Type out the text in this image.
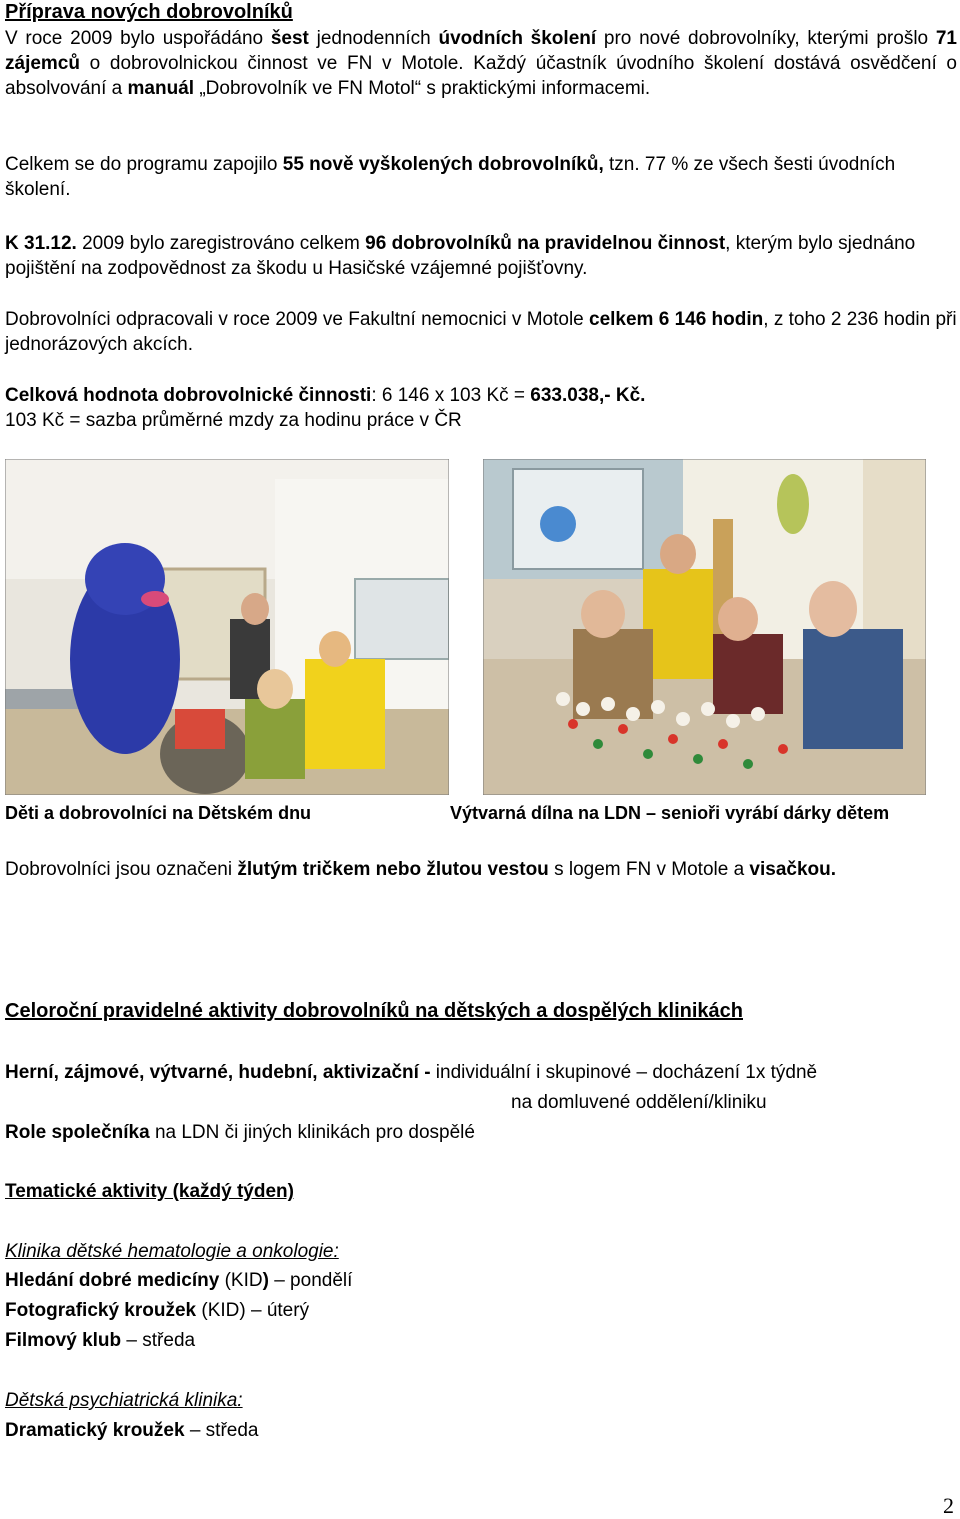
Příprava nových dobrovolníků

V roce 2009 bylo uspořádáno šest jednodenních úvodních školení pro nové dobrovolníky, kterými prošlo 71 zájemců o dobrovolnickou činnost ve FN v Motole. Každý účastník úvodního školení dostává osvědčení o absolvování a manuál „Dobrovolník ve FN Motol“ s praktickými informacemi.

Celkem se do programu zapojilo 55 nově vyškolených dobrovolníků, tzn. 77 % ze všech šesti úvodních školení.

K 31.12. 2009 bylo zaregistrováno celkem 96 dobrovolníků na pravidelnou činnost, kterým bylo sjednáno pojištění na zodpovědnost za škodu u Hasičské vzájemné pojišťovny.

Dobrovolníci odpracovali v roce 2009 ve Fakultní nemocnici v Motole celkem 6 146 hodin, z toho 2 236 hodin při jednorázových akcích.

Celková hodnota dobrovolnické činnosti: 6 146 x 103 Kč = 633.038,- Kč.

103 Kč = sazba průměrné mzdy za hodinu práce v ČR

Děti a dobrovolníci na Dětském dnu	Výtvarná dílna na LDN – senioři vyrábí dárky dětem

Dobrovolníci jsou označeni žlutým tričkem nebo žlutou vestou s logem FN v Motole a visačkou.

Celoroční pravidelné aktivity dobrovolníků na dětských a dospělých klinikách

Herní, zájmové, výtvarné, hudební, aktivizační - individuální i skupinové – docházení 1x týdně

na domluvené oddělení/kliniku

Role společníka na LDN či jiných klinikách pro dospělé

Tematické aktivity (každý týden)

Klinika dětské hematologie a onkologie:

Hledání dobré medicíny (KID) – pondělí

Fotografický kroužek (KID) – úterý

Filmový klub – středa

Dětská psychiatrická klinika:

Dramatický kroužek – středa

2
